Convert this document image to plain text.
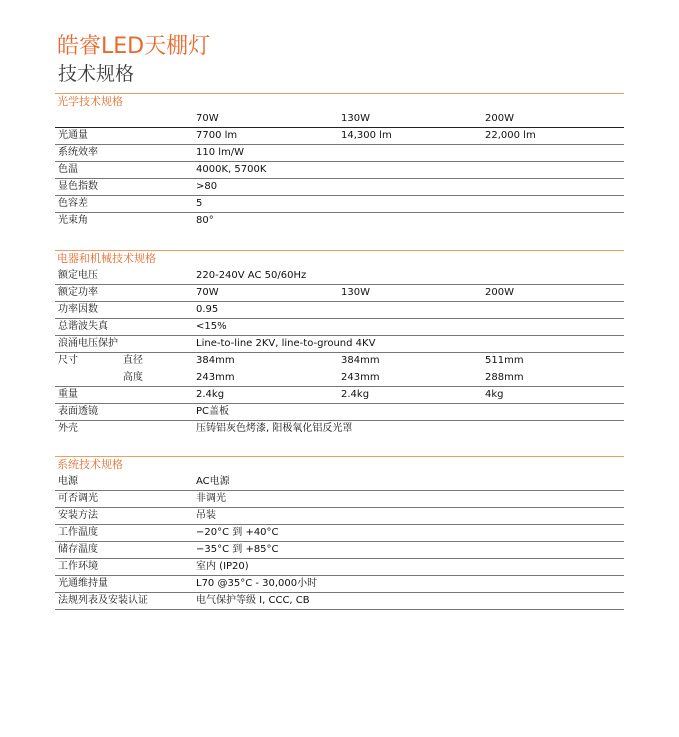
皓睿LED天棚灯
技术规格
光学技术规格
70W	130W	200W
光通量	7700 lm	14,300 lm	22,000 lm
系统效率	110 lm/W
色温	4000K, 5700K
显色指数	>80
色容差	5
光束角	80°
电器和机械技术规格
额定电压	220-240V AC 50/60Hz
额定功率	70W	130W	200W
功率因数	0.95
总谐波失真	<15%
浪涌电压保护	Line-to-line 2KV, line-to-ground 4KV
尺寸	直径	384mm	384mm	511mm
高度	243mm	243mm	288mm
重量	2.4kg	2.4kg	4kg
表面透镜	PC盖板
外壳	压铸铝灰色烤漆, 阳极氧化铝反光罩
系统技术规格
电源	AC电源
可否调光	非调光
安装方法	吊装
工作温度	−20°C 到 +40°C
储存温度	−35°C 到 +85°C
工作环境	室内 (IP20)
光通维持量	L70 @35°C - 30,000小时
法规列表及安装认证	电气保护等级 I, CCC, CB
